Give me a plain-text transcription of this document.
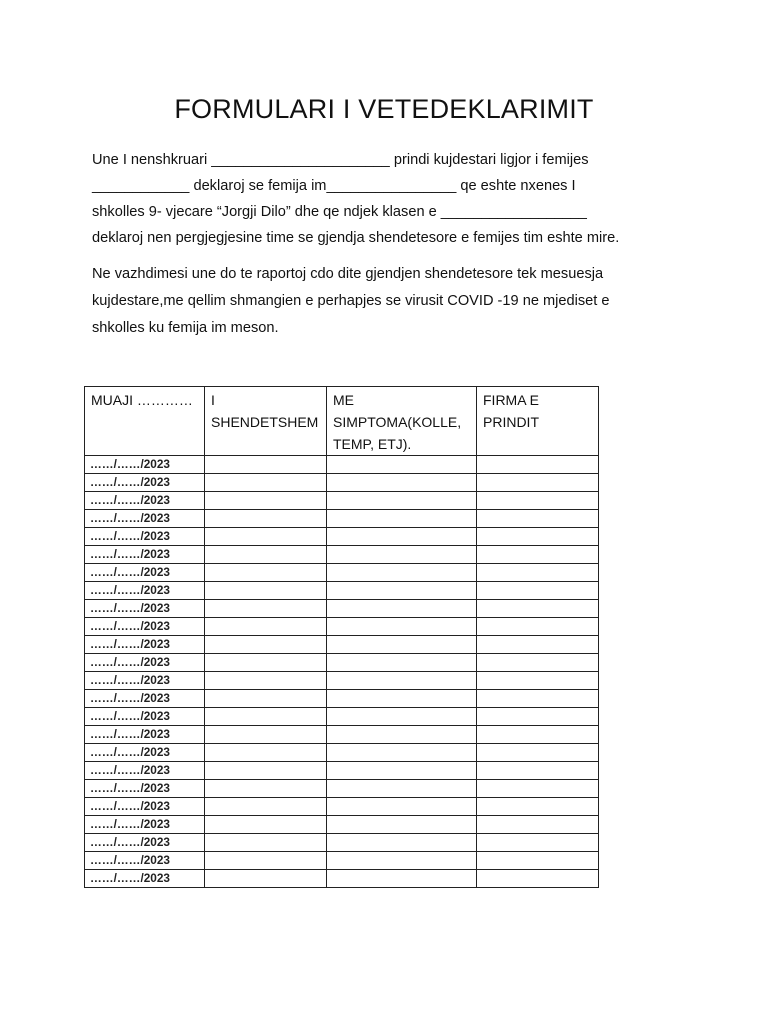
FORMULARI I VETEDEKLARIMIT
Une I nenshkruari ______________________ prindi kujdestari ligjor i femijes
____________ deklaroj se femija im________________ qe eshte nxenes I
shkolles 9- vjecare “Jorgji Dilo” dhe qe ndjek klasen e __________________
deklaroj nen pergjegjesine time se gjendja shendetesore e femijes tim eshte mire.
Ne vazhdimesi une do te raportoj cdo dite gjendjen shendetesore tek mesuesja
kujdestare,me qellim shmangien e perhapjes se virusit COVID -19 ne mjediset e
shkolles ku femija im meson.
MUAJI …………	I SHENDETSHEM	ME SIMPTOMA(KOLLE, TEMP, ETJ).	FIRMA E PRINDIT
……/……/2023			
……/……/2023			
……/……/2023			
……/……/2023			
……/……/2023			
……/……/2023			
……/……/2023			
……/……/2023			
……/……/2023			
……/……/2023			
……/……/2023			
……/……/2023			
……/……/2023			
……/……/2023			
……/……/2023			
……/……/2023			
……/……/2023			
……/……/2023			
……/……/2023			
……/……/2023			
……/……/2023			
……/……/2023			
……/……/2023			
……/……/2023			
